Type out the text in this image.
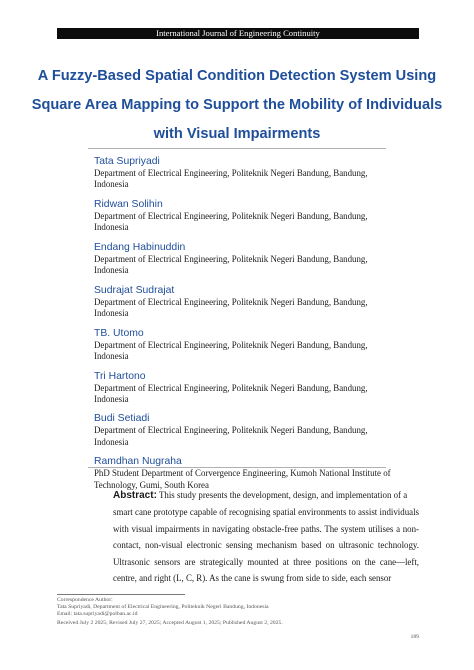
International Journal of Engineering Continuity
A Fuzzy-Based Spatial Condition Detection System Using Square Area Mapping to Support the Mobility of Individuals with Visual Impairments
Tata Supriyadi
Department of Electrical Engineering, Politeknik Negeri Bandung, Bandung, Indonesia
Ridwan Solihin
Department of Electrical Engineering, Politeknik Negeri Bandung, Bandung, Indonesia
Endang Habinuddin
Department of Electrical Engineering, Politeknik Negeri Bandung, Bandung, Indonesia
Sudrajat Sudrajat
Department of Electrical Engineering, Politeknik Negeri Bandung, Bandung, Indonesia
TB. Utomo
Department of Electrical Engineering, Politeknik Negeri Bandung, Bandung, Indonesia
Tri Hartono
Department of Electrical Engineering, Politeknik Negeri Bandung, Bandung, Indonesia
Budi Setiadi
Department of Electrical Engineering, Politeknik Negeri Bandung, Bandung, Indonesia
Ramdhan Nugraha
PhD Student Department of Corvergence Engineering, Kumoh National Institute of Technology, Gumi, South Korea
Abstract: This study presents the development, design, and implementation of a
smart cane prototype capable of recognising spatial environments to assist individuals with visual impairments in navigating obstacle-free paths. The system utilises a non-contact, non-visual electronic sensing mechanism based on ultrasonic technology. Ultrasonic sensors are strategically mounted at three positions on the cane—left, centre, and right (L, C, R). As the cane is swung from side to side, each sensor
Correspondence Author:
Tata Supriyadi, Department of Electrical Engineering, Politeknik Negeri Bandung, Indonesia
Email: tata.supriyadi@polban.ac.id
Received July 2 2025; Revised July 27, 2025; Accepted August 1, 2025; Published August 2, 2025.
189
